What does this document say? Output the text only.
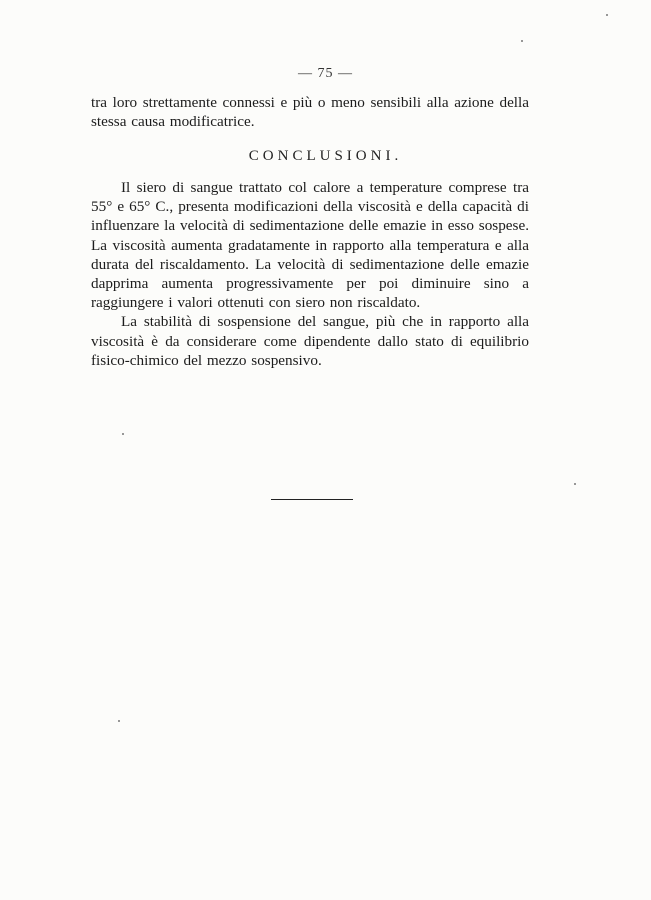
— 75 —

tra loro strettamente connessi e più o meno sensibili alla azione della stessa causa modificatrice.

CONCLUSIONI.

Il siero di sangue trattato col calore a temperature comprese tra 55° e 65° C., presenta modificazioni della viscosità e della capacità di influenzare la velocità di sedimentazione delle emazie in esso sospese. La viscosità aumenta gradatamente in rapporto alla temperatura e alla durata del riscaldamento. La velocità di sedimentazione delle emazie dapprima aumenta progressivamente per poi diminuire sino a raggiungere i valori ottenuti con siero non riscaldato.

La stabilità di sospensione del sangue, più che in rapporto alla viscosità è da considerare come dipendente dallo stato di equilibrio fisico-chimico del mezzo sospensivo.
